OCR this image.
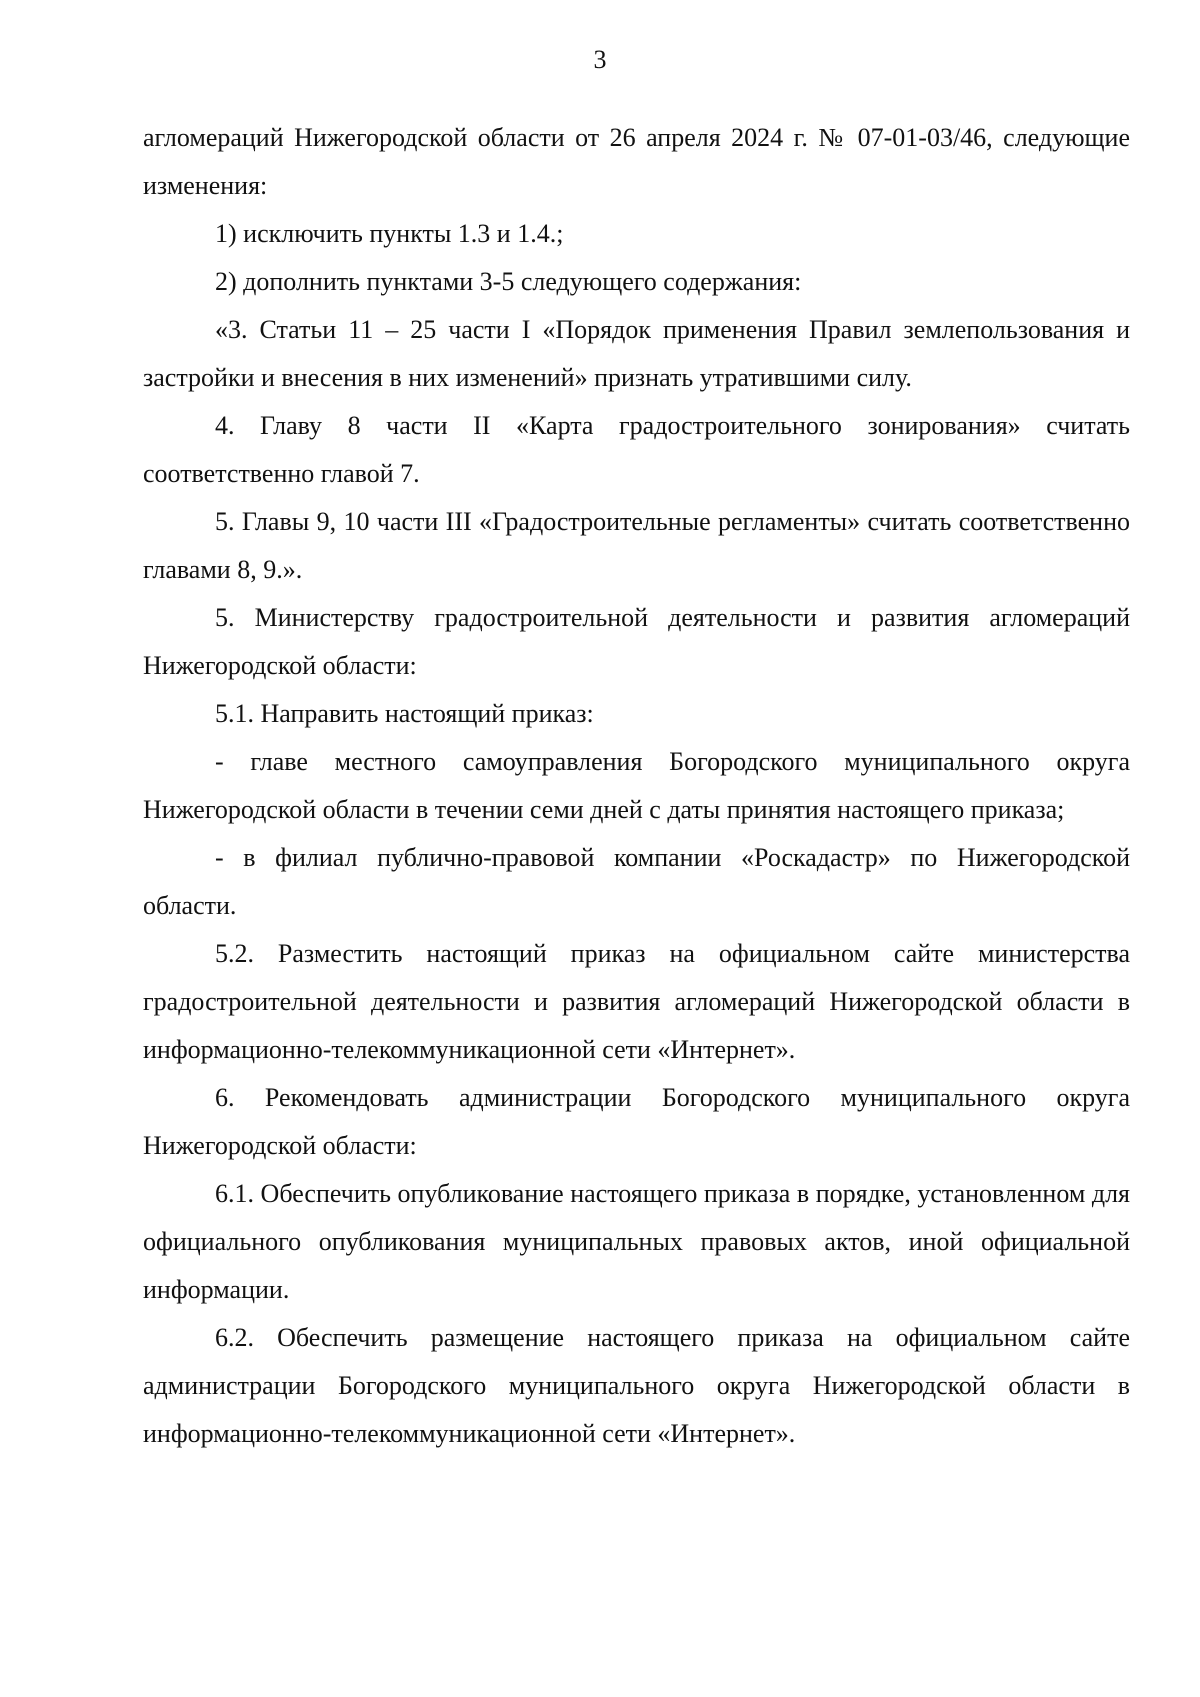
3

агломераций Нижегородской области от 26 апреля 2024 г. № 07-01-03/46, следующие изменения:

1) исключить пункты 1.3 и 1.4.;

2) дополнить пунктами 3-5 следующего содержания:

«3. Статьи 11 – 25 части I «Порядок применения Правил землепользования и застройки и внесения в них изменений» признать утратившими силу.

4. Главу 8 части II «Карта градостроительного зонирования» считать соответственно главой 7.

5. Главы 9, 10 части III «Градостроительные регламенты» считать соответственно главами 8, 9.».

5. Министерству градостроительной деятельности и развития агломераций Нижегородской области:

5.1. Направить настоящий приказ:

- главе местного самоуправления Богородского муниципального округа Нижегородской области в течении семи дней с даты принятия настоящего приказа;

- в филиал публично-правовой компании «Роскадастр» по Нижегородской области.

5.2. Разместить настоящий приказ на официальном сайте министерства градостроительной деятельности и развития агломераций Нижегородской области в информационно-телекоммуникационной сети «Интернет».

6. Рекомендовать администрации Богородского муниципального округа Нижегородской области:

6.1. Обеспечить опубликование настоящего приказа в порядке, установленном для официального опубликования муниципальных правовых актов, иной официальной информации.

6.2. Обеспечить размещение настоящего приказа на официальном сайте администрации Богородского муниципального округа Нижегородской области в информационно-телекоммуникационной сети «Интернет».
